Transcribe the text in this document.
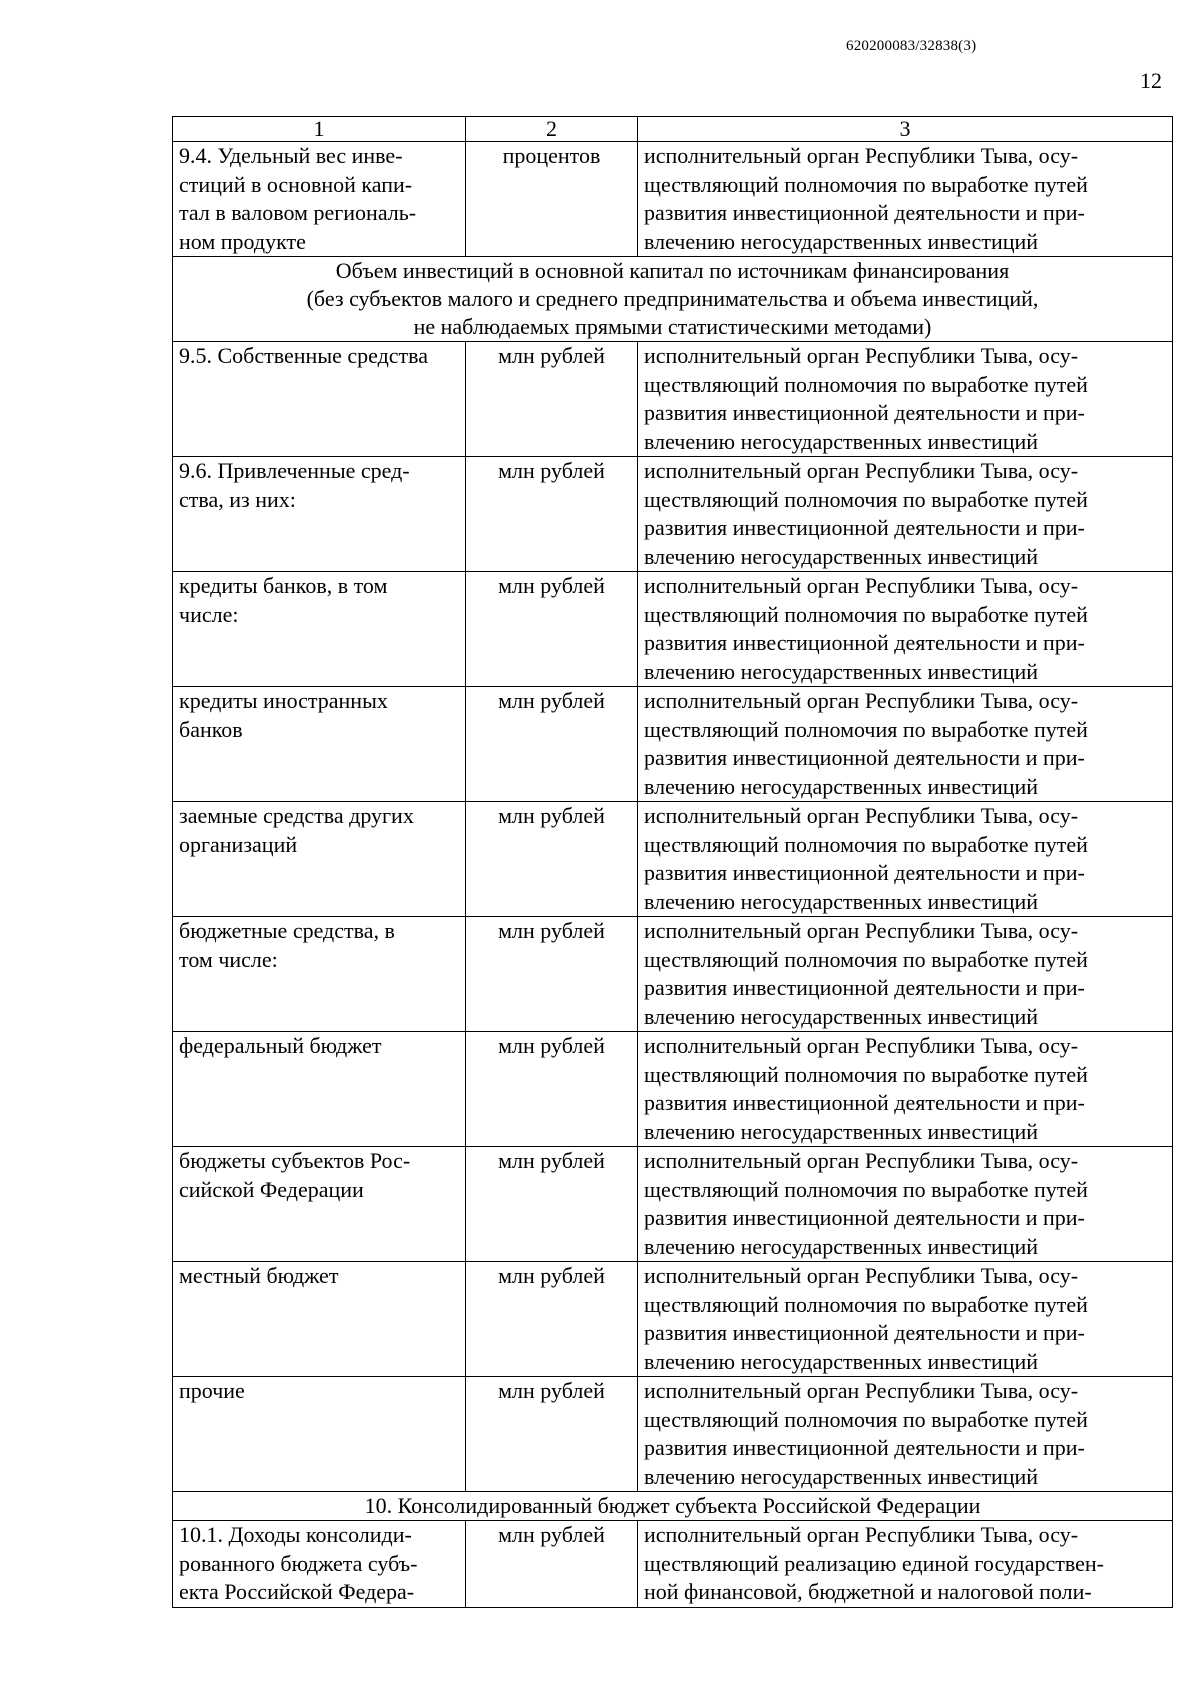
620200083/32838(3)
12
1	2	3

9.4. Удельный вес инве-
стиций в основной капи-
тал в валовом региональ-
ном продукте	процентов	исполнительный орган Республики Тыва, осу-
ществляющий полномочия по выработке путей
развития инвестиционной деятельности и при-
влечению негосударственных инвестиций

Объем инвестиций в основной капитал по источникам финансирования
(без субъектов малого и среднего предпринимательства и объема инвестиций,
не наблюдаемых прямыми статистическими методами)		

9.5. Собственные средства	млн рублей	исполнительный орган Республики Тыва, осу-
ществляющий полномочия по выработке путей
развития инвестиционной деятельности и при-
влечению негосударственных инвестиций

9.6. Привлеченные сред-
ства, из них:	млн рублей	исполнительный орган Республики Тыва, осу-
ществляющий полномочия по выработке путей
развития инвестиционной деятельности и при-
влечению негосударственных инвестиций

кредиты банков, в том
числе:	млн рублей	исполнительный орган Республики Тыва, осу-
ществляющий полномочия по выработке путей
развития инвестиционной деятельности и при-
влечению негосударственных инвестиций

кредиты иностранных
банков	млн рублей	исполнительный орган Республики Тыва, осу-
ществляющий полномочия по выработке путей
развития инвестиционной деятельности и при-
влечению негосударственных инвестиций

заемные средства других
организаций	млн рублей	исполнительный орган Республики Тыва, осу-
ществляющий полномочия по выработке путей
развития инвестиционной деятельности и при-
влечению негосударственных инвестиций

бюджетные средства, в
том числе:	млн рублей	исполнительный орган Республики Тыва, осу-
ществляющий полномочия по выработке путей
развития инвестиционной деятельности и при-
влечению негосударственных инвестиций

федеральный бюджет	млн рублей	исполнительный орган Республики Тыва, осу-
ществляющий полномочия по выработке путей
развития инвестиционной деятельности и при-
влечению негосударственных инвестиций

бюджеты субъектов Рос-
сийской Федерации	млн рублей	исполнительный орган Республики Тыва, осу-
ществляющий полномочия по выработке путей
развития инвестиционной деятельности и при-
влечению негосударственных инвестиций

местный бюджет	млн рублей	исполнительный орган Республики Тыва, осу-
ществляющий полномочия по выработке путей
развития инвестиционной деятельности и при-
влечению негосударственных инвестиций

прочие	млн рублей	исполнительный орган Республики Тыва, осу-
ществляющий полномочия по выработке путей
развития инвестиционной деятельности и при-
влечению негосударственных инвестиций

10. Консолидированный бюджет субъекта Российской Федерации		

10.1. Доходы консолиди-
рованного бюджета субъ-
екта Российской Федера-	млн рублей	исполнительный орган Республики Тыва, осу-
ществляющий реализацию единой государствен-
ной финансовой, бюджетной и налоговой поли-
